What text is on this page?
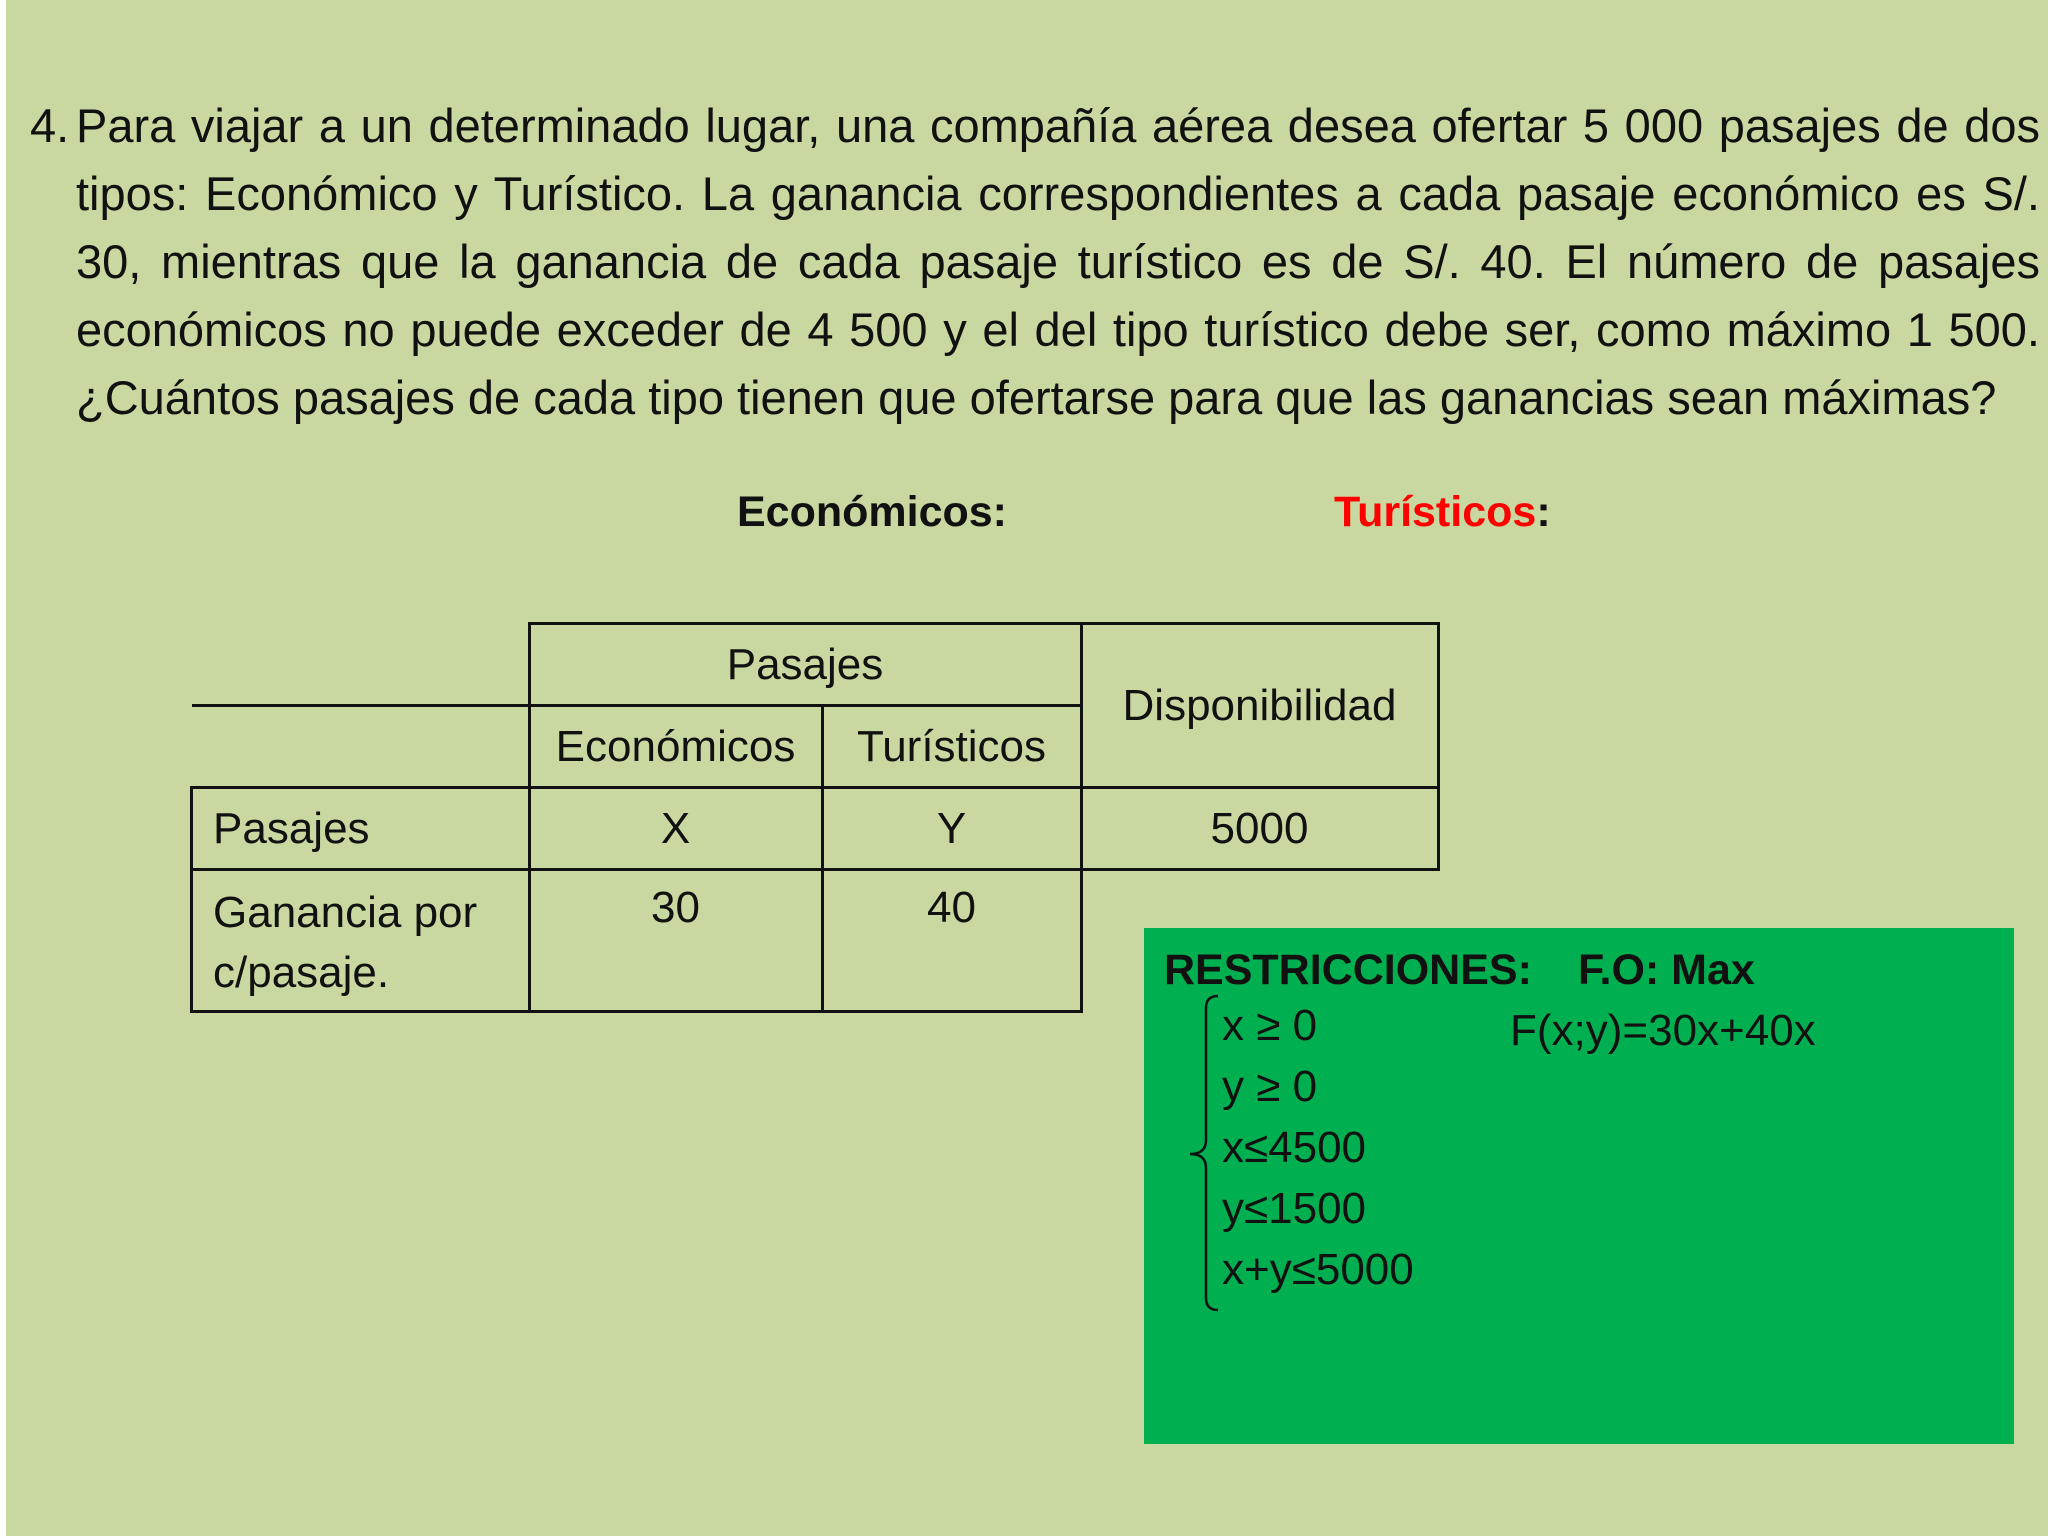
4. Para viajar a un determinado lugar, una compañía aérea desea ofertar 5 000 pasajes de dos tipos: Económico y Turístico. La ganancia correspondientes a cada pasaje económico es S/. 30, mientras que la ganancia de cada pasaje turístico es de S/. 40. El número de pasajes económicos no puede exceder de 4 500 y el del tipo turístico debe ser, como máximo 1 500. ¿Cuántos pasajes de cada tipo tienen que ofertarse para que las ganancias sean máximas?
Económicos:	Turísticos:
	Pasajes		Disponibilidad
	Económicos	Turísticos	
Pasajes	X	Y	5000
Ganancia por c/pasaje.	30	40	
RESTRICCIONES: F.O: Max
F(x;y)=30x+40x
x ≥ 0
y ≥ 0
x≤4500
y≤1500
x+y≤5000
